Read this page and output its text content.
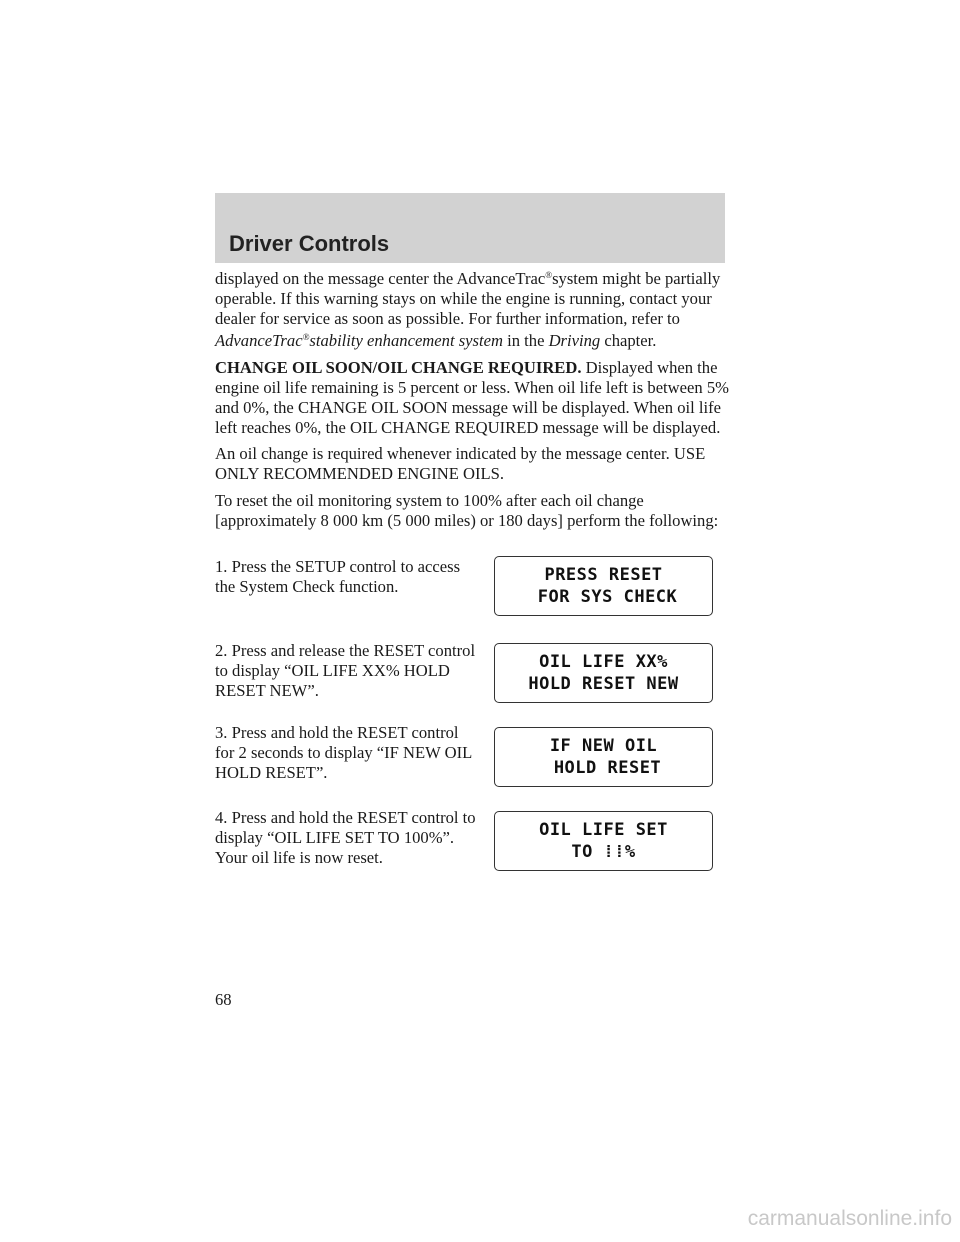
Driver Controls

displayed on the message center the AdvanceTrac®system might be partially operable. If this warning stays on while the engine is running, contact your dealer for service as soon as possible. For further information, refer to AdvanceTrac®stability enhancement system in the Driving chapter.

CHANGE OIL SOON/OIL CHANGE REQUIRED. Displayed when the engine oil life remaining is 5 percent or less. When oil life left is between 5% and 0%, the CHANGE OIL SOON message will be displayed. When oil life left reaches 0%, the OIL CHANGE REQUIRED message will be displayed.

An oil change is required whenever indicated by the message center. USE ONLY RECOMMENDED ENGINE OILS.

To reset the oil monitoring system to 100% after each oil change [approximately 8 000 km (5 000 miles) or 180 days] perform the following:

1. Press the SETUP control to access the System Check function.
PRESS RESET
FOR SYS CHECK
2. Press and release the RESET control to display “OIL LIFE XX% HOLD RESET NEW”.
OIL LIFE XX%
HOLD RESET NEW
3. Press and hold the RESET control for 2 seconds to display “IF NEW OIL HOLD RESET”.
IF NEW OIL
HOLD RESET
4. Press and hold the RESET control to display “OIL LIFE SET TO 100%”. Your oil life is now reset.
OIL LIFE SET
TO ⁞⁞%
68
carmanualsonline.info
